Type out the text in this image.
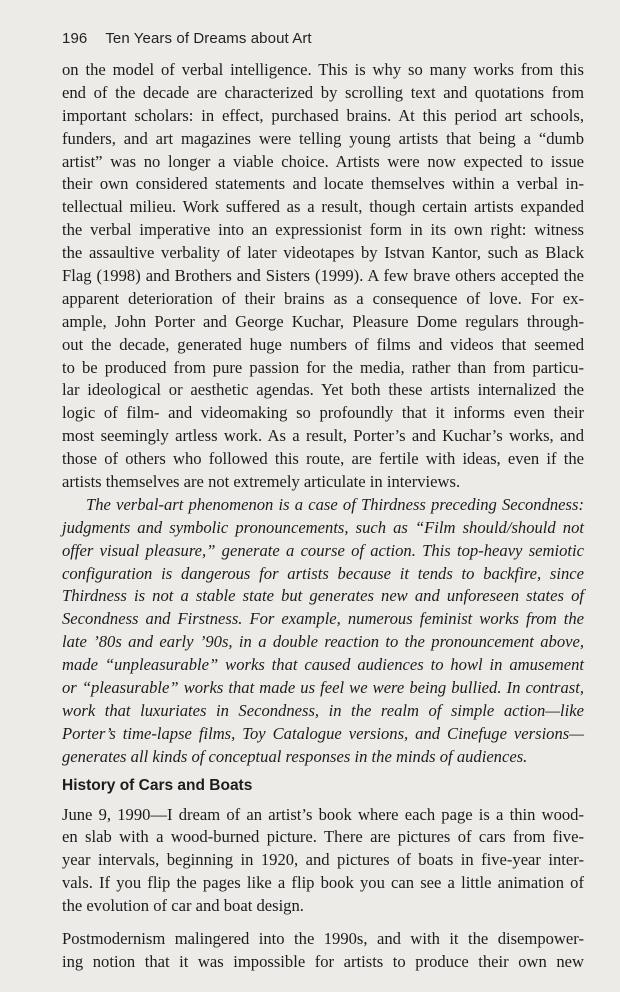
196 Ten Years of Dreams about Art
on the model of verbal intelligence. This is why so many works from this
end of the decade are characterized by scrolling text and quotations from
important scholars: in effect, purchased brains. At this period art schools,
funders, and art magazines were telling young artists that being a “dumb
artist” was no longer a viable choice. Artists were now expected to issue
their own considered statements and locate themselves within a verbal in-
tellectual milieu. Work suffered as a result, though certain artists expanded
the verbal imperative into an expressionist form in its own right: witness
the assaultive verbality of later videotapes by Istvan Kantor, such as Black
Flag (1998) and Brothers and Sisters (1999). A few brave others accepted the
apparent deterioration of their brains as a consequence of love. For ex-
ample, John Porter and George Kuchar, Pleasure Dome regulars through-
out the decade, generated huge numbers of films and videos that seemed
to be produced from pure passion for the media, rather than from particu-
lar ideological or aesthetic agendas. Yet both these artists internalized the
logic of film- and videomaking so profoundly that it informs even their
most seemingly artless work. As a result, Porter’s and Kuchar’s works, and
those of others who followed this route, are fertile with ideas, even if the
artists themselves are not extremely articulate in interviews.
The verbal-art phenomenon is a case of Thirdness preceding Secondness:
judgments and symbolic pronouncements, such as “Film should/should not
offer visual pleasure,” generate a course of action. This top-heavy semiotic
configuration is dangerous for artists because it tends to backfire, since
Thirdness is not a stable state but generates new and unforeseen states of
Secondness and Firstness. For example, numerous feminist works from the
late ’80s and early ’90s, in a double reaction to the pronouncement above,
made “unpleasurable” works that caused audiences to howl in amusement
or “pleasurable” works that made us feel we were being bullied. In contrast,
work that luxuriates in Secondness, in the realm of simple action—like
Porter’s time-lapse films, Toy Catalogue versions, and Cinefuge versions—
generates all kinds of conceptual responses in the minds of audiences.
History of Cars and Boats
June 9, 1990—I dream of an artist’s book where each page is a thin wood-
en slab with a wood-burned picture. There are pictures of cars from five-
year intervals, beginning in 1920, and pictures of boats in five-year inter-
vals. If you flip the pages like a flip book you can see a little animation of
the evolution of car and boat design.
Postmodernism malingered into the 1990s, and with it the disempower-
ing notion that it was impossible for artists to produce their own new
